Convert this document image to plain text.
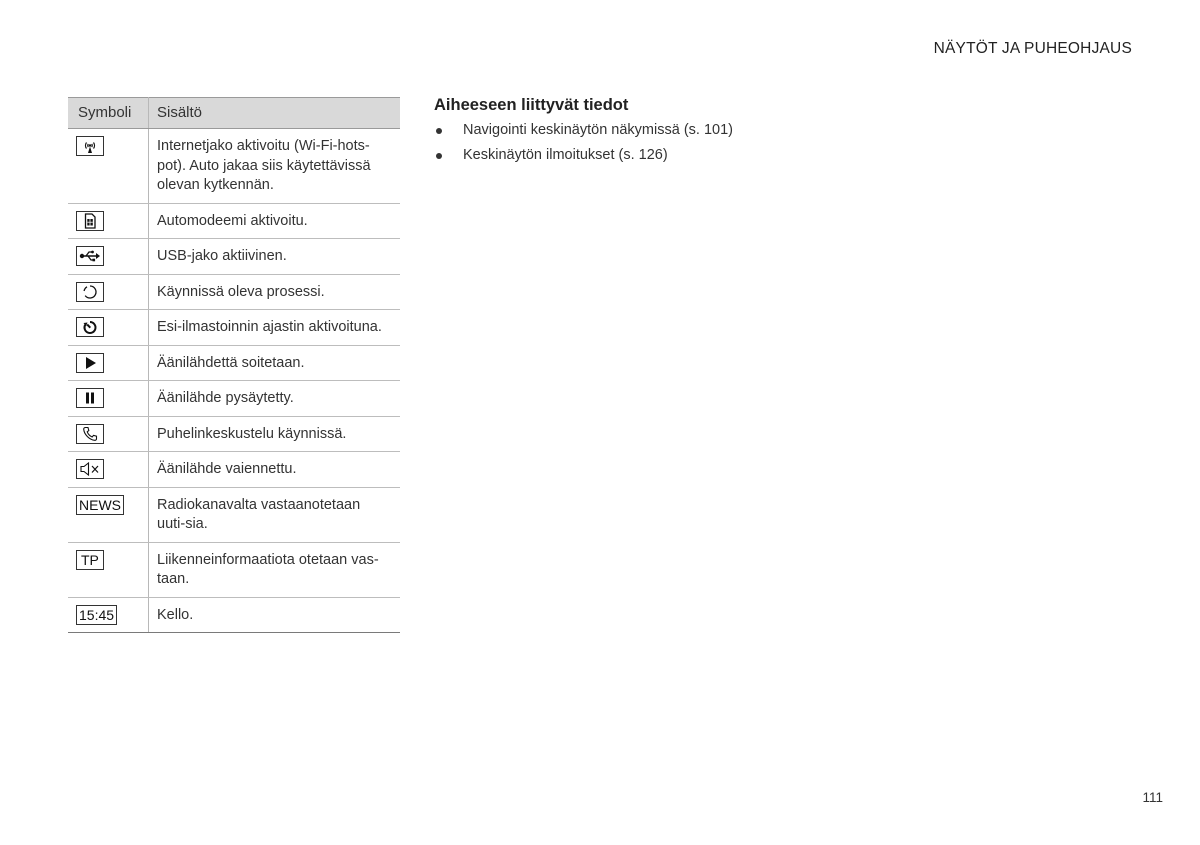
NÄYTÖT JA PUHEOHJAUS
Symboli	Sisältö

	Internetjako aktivoitu (Wi-Fi-hots-pot). Auto jakaa siis käytettävissä olevan kytkennän.

	Automodeemi aktivoitu.

	USB-jako aktiivinen.

	Käynnissä oleva prosessi.

	Esi-ilmastoinnin ajastin aktivoituna.

	Äänilähdettä soitetaan.

	Äänilähde pysäytetty.

	Puhelinkeskustelu käynnissä.

	Äänilähde vaiennettu.
NEWS	Radiokanavalta vastaanotetaan uuti-sia.
TP	Liikenneinformaatiota otetaan vas-taan.
15:45	Kello.
Aiheeseen liittyvät tiedot
Navigointi keskinäytön näkymissä (s. 101)
Keskinäytön ilmoitukset (s. 126)
111
